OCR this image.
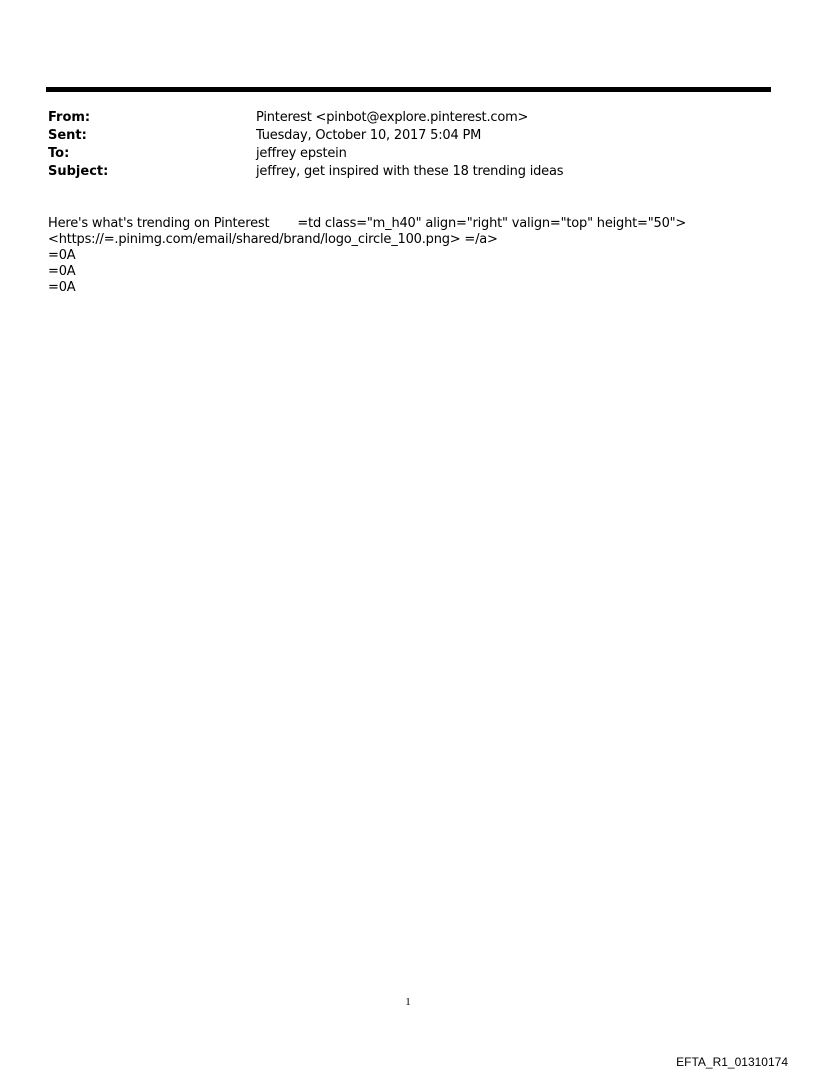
From:	Pinterest <pinbot@explore.pinterest.com>
Sent:	Tuesday, October 10, 2017 5:04 PM
To:	jeffrey epstein
Subject:	jeffrey, get inspired with these 18 trending ideas
Here's what's trending on Pinterest =td class="m_h40" align="right" valign="top" height="50">
<https://=.pinimg.com/email/shared/brand/logo_circle_100.png> =/a>
=0A
=0A
=0A
1
EFTA_R1_01310174
